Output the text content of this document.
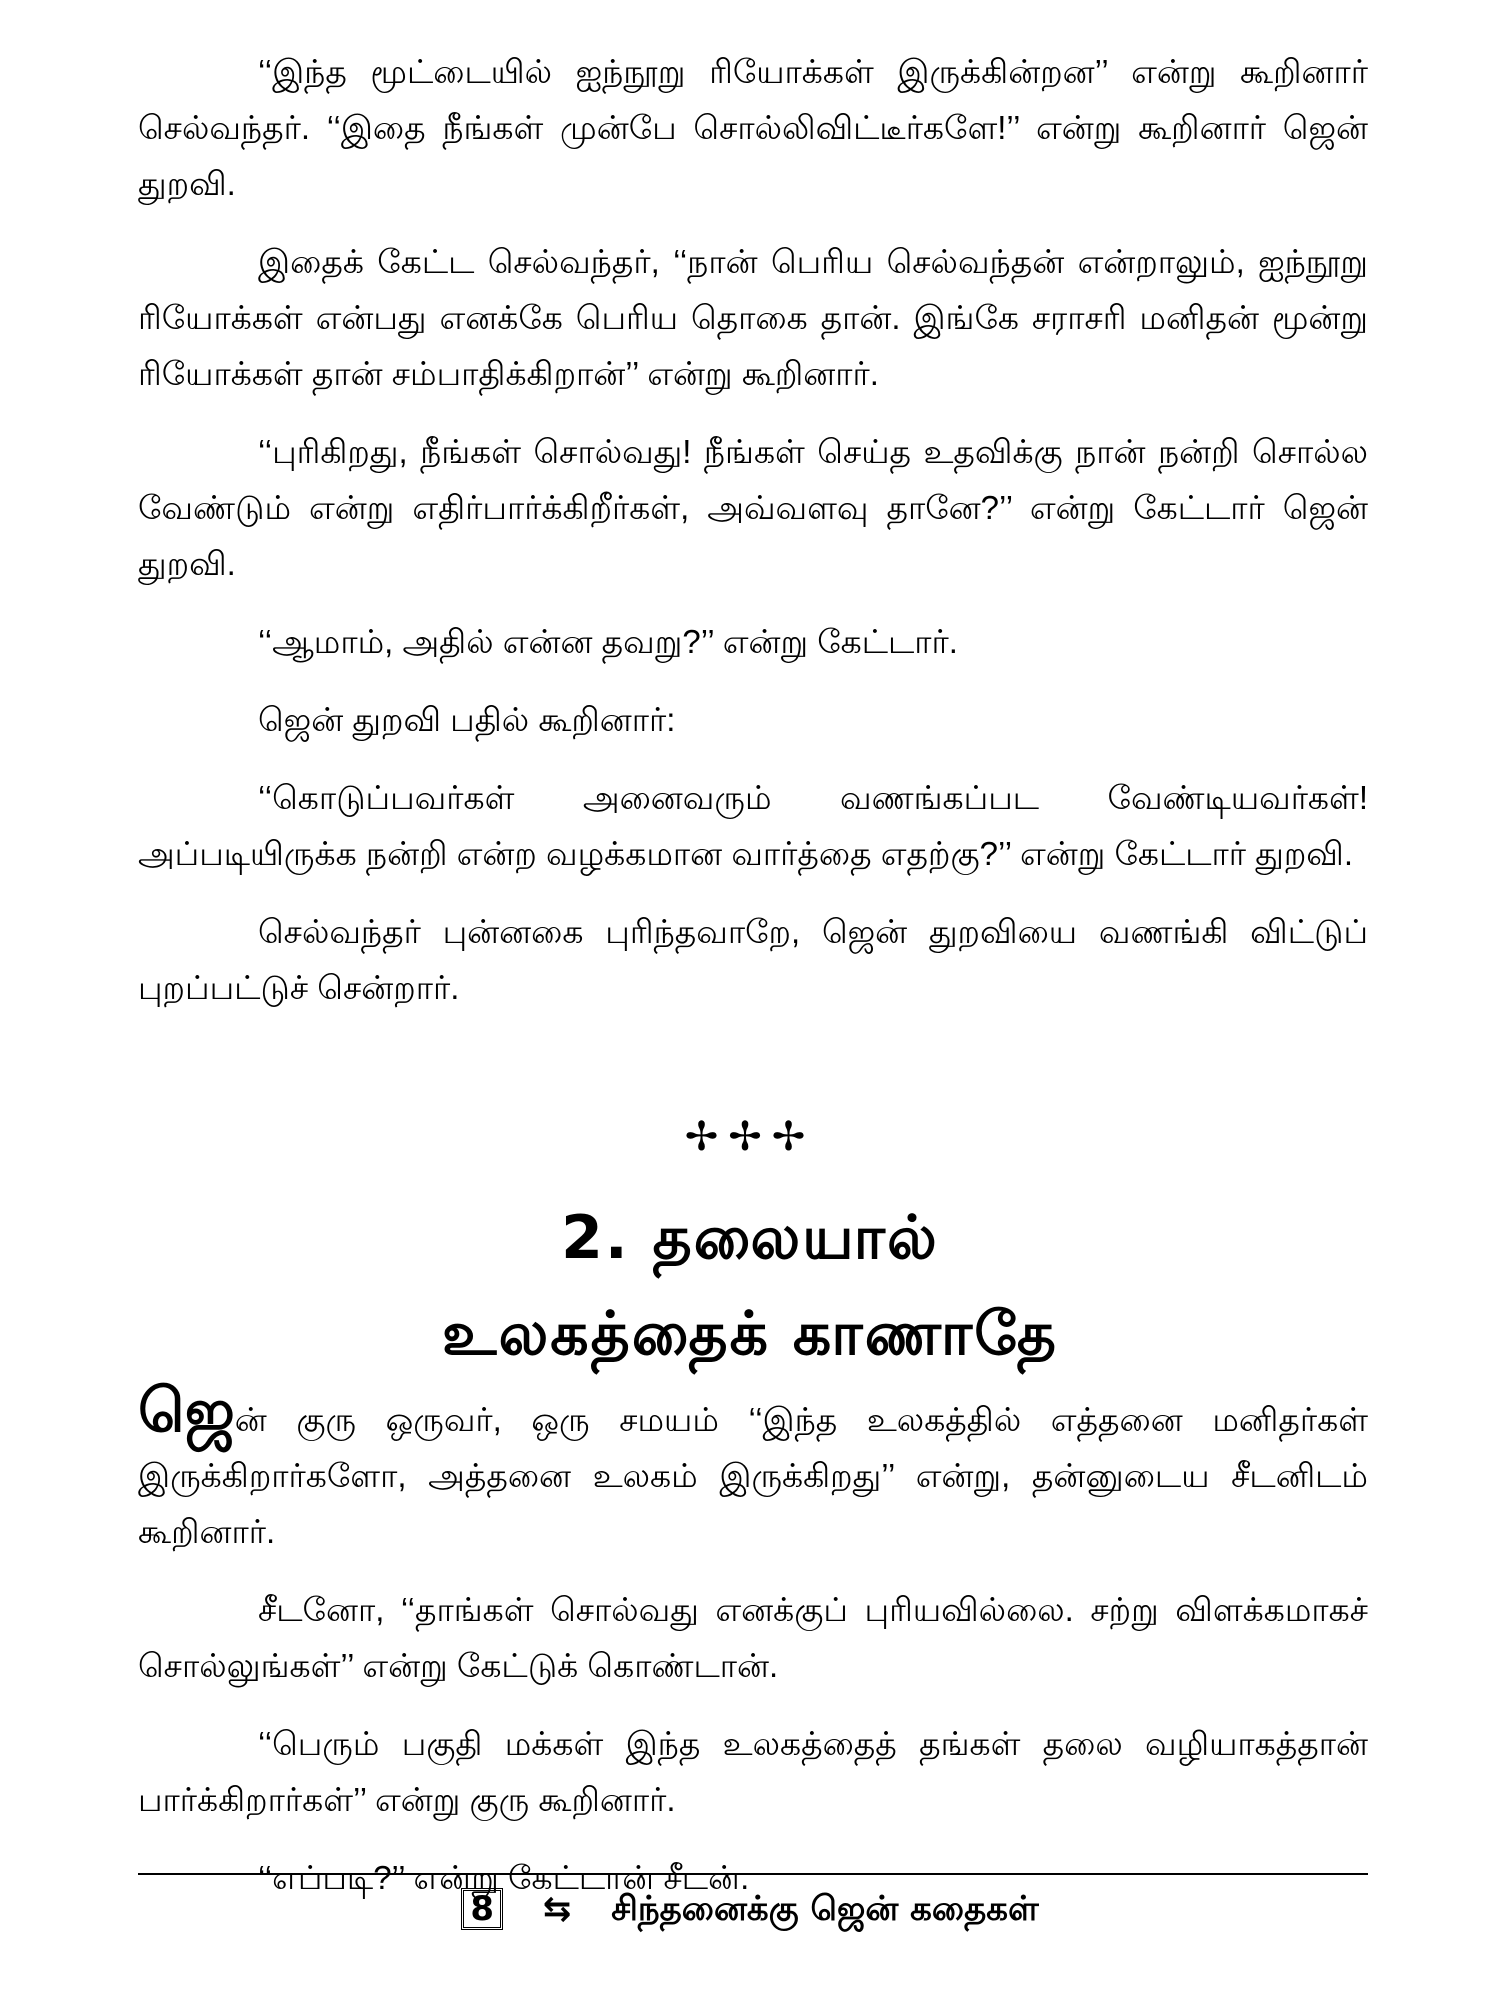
‘‘இந்த மூட்டையில் ஐந்நூறு ரியோக்கள் இருக்கின்றன’’ என்று கூறினார் செல்வந்தர். ‘‘இதை நீங்கள் முன்பே சொல்லிவிட்டீர்களே!’’ என்று கூறினார் ஜென் துறவி.

இதைக் கேட்ட செல்வந்தர், ‘‘நான் பெரிய செல்வந்தன் என்றாலும், ஐந்நூறு ரியோக்கள் என்பது எனக்கே பெரிய தொகை தான். இங்கே சராசரி மனிதன் மூன்று ரியோக்கள் தான் சம்பாதிக்கிறான்’’ என்று கூறினார்.

‘‘புரிகிறது, நீங்கள் சொல்வது! நீங்கள் செய்த உதவிக்கு நான் நன்றி சொல்ல வேண்டும் என்று எதிர்பார்க்கிறீர்கள், அவ்வளவு தானே?’’ என்று கேட்டார் ஜென் துறவி.

‘‘ஆமாம், அதில் என்ன தவறு?’’ என்று கேட்டார்.

ஜென் துறவி பதில் கூறினார்:

‘‘கொடுப்பவர்கள் அனைவரும் வணங்கப்பட வேண்டியவர்கள்! அப்படியிருக்க நன்றி என்ற வழக்கமான வார்த்தை எதற்கு?’’ என்று கேட்டார் துறவி.

செல்வந்தர் புன்னகை புரிந்தவாறே, ஜென் துறவியை வணங்கி விட்டுப் புறப்பட்டுச் சென்றார்.

✢✢✢
2. தலையால்
உலகத்தைக் காணாதே

ஜென் குரு ஒருவர், ஒரு சமயம் ‘‘இந்த உலகத்தில் எத்தனை மனிதர்கள் இருக்கிறார்களோ, அத்தனை உலகம் இருக்கிறது’’ என்று, தன்னுடைய சீடனிடம் கூறினார்.

சீடனோ, ‘‘தாங்கள் சொல்வது எனக்குப் புரியவில்லை. சற்று விளக்கமாகச் சொல்லுங்கள்’’ என்று கேட்டுக் கொண்டான்.

‘‘பெரும் பகுதி மக்கள் இந்த உலகத்தைத் தங்கள் தலை வழியாகத்தான் பார்க்கிறார்கள்’’ என்று குரு கூறினார்.

‘‘எப்படி?’’ என்று கேட்டான் சீடன்.

8 ⇆ சிந்தனைக்கு ஜென் கதைகள்
